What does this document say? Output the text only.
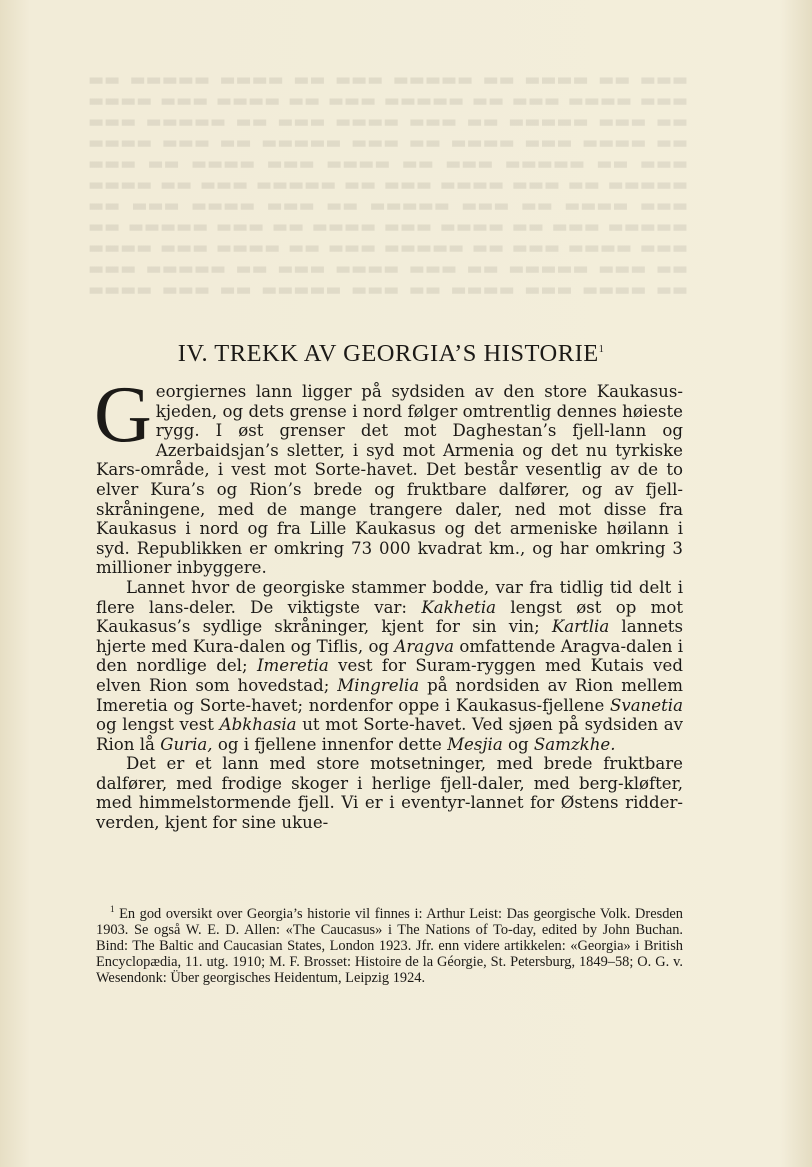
▬▬▬ ▬▬ ▬▬▬▬ ▬▬ ▬▬▬▬▬ ▬▬▬ ▬▬ ▬▬▬▬ ▬▬▬▬▬ ▬▬ ▬▬▬ ▬▬▬▬ ▬▬▬ ▬▬ ▬▬▬▬▬ ▬▬▬ ▬▬ ▬▬▬▬ ▬▬▬ ▬▬▬▬ ▬▬ ▬▬▬ ▬▬▬▬▬ ▬▬ ▬▬▬ ▬▬▬▬ ▬▬▬ ▬▬ ▬▬▬▬▬ ▬▬▬ ▬▬ ▬▬▬▬ ▬▬▬ ▬▬▬▬ ▬▬ ▬▬▬ ▬▬▬▬▬ ▬▬ ▬▬▬ ▬▬▬▬ ▬▬▬ ▬▬ ▬▬▬▬▬ ▬▬▬ ▬▬ ▬▬▬▬ ▬▬▬ ▬▬▬▬ ▬▬ ▬▬▬ ▬▬▬▬▬ ▬▬ ▬▬▬ ▬▬▬▬ ▬▬▬ ▬▬ ▬▬▬▬▬ ▬▬▬ ▬▬ ▬▬▬▬ ▬▬▬ ▬▬▬▬ ▬▬ ▬▬▬ ▬▬▬▬▬ ▬▬ ▬▬▬ ▬▬▬▬ ▬▬▬ ▬▬ ▬▬▬▬▬ ▬▬▬ ▬▬ ▬▬▬▬ ▬▬▬ ▬▬▬▬ ▬▬ ▬▬▬ ▬▬▬▬▬ ▬▬ ▬▬▬ ▬▬▬▬ ▬▬▬ ▬▬ ▬▬▬▬▬ ▬▬▬ ▬▬ ▬▬▬▬ ▬▬▬ ▬▬▬▬ ▬▬ ▬▬▬ ▬▬▬▬▬ ▬▬ ▬▬▬ ▬▬▬▬ ▬▬▬ ▬▬ ▬▬▬▬▬ ▬▬▬ ▬▬ ▬▬▬▬ ▬▬▬ ▬▬▬▬ ▬▬ ▬▬▬ ▬▬▬▬▬ ▬▬ ▬▬▬ ▬▬▬▬
IV. TREKK AV GEORGIA’S HISTORIE$^1$

Georgiernes lann ligger på sydsiden av den store Kaukasus-kjeden, og dets grense i nord følger omtrentlig dennes høieste rygg. I øst grenser det mot Daghestan’s fjell-lann og Azerbaidsjan’s sletter, i syd mot Armenia og det nu tyrkiske Kars-område, i vest mot Sorte-havet. Det består vesentlig av de to elver Kura’s og Rion’s brede og fruktbare dalfører, og av fjell-skråningene, med de mange trangere daler, ned mot disse fra Kaukasus i nord og fra Lille Kaukasus og det armeniske høilann i syd. Republikken er omkring 73 000 kvadrat km., og har omkring 3 millioner inbyggere.

Lannet hvor de georgiske stammer bodde, var fra tidlig tid delt i flere lans-deler. De viktigste var: Kakhetia lengst øst op mot Kaukasus’s sydlige skråninger, kjent for sin vin; Kartlia lannets hjerte med Kura-dalen og Tiflis, og Aragva omfattende Aragva-dalen i den nordlige del; Imeretia vest for Suram-ryggen med Kutais ved elven Rion som hovedstad; Mingrelia på nordsiden av Rion mellem Imeretia og Sorte-havet; nordenfor oppe i Kaukasus-fjellene Svanetia og lengst vest Abkhasia ut mot Sorte-havet. Ved sjøen på sydsiden av Rion lå Guria, og i fjellene innenfor dette Mesjia og Samzkhe.

Det er et lann med store motsetninger, med brede fruktbare dalfører, med frodige skoger i herlige fjell-daler, med berg-kløfter, med himmelstormende fjell. Vi er i eventyr-lannet for Østens ridder-verden, kjent for sine ukue-

$^1$ En god oversikt over Georgia’s historie vil finnes i: Arthur Leist: Das georgische Volk. Dresden 1903. Se også W. E. D. Allen: «The Caucasus» i The Nations of To-day, edited by John Buchan. Bind: The Baltic and Caucasian States, London 1923. Jfr. enn videre artikkelen: «Georgia» i British Encyclopædia, 11. utg. 1910; M. F. Brosset: Histoire de la Géorgie, St. Petersburg, 1849–58; O. G. v. Wesendonk: Über georgisches Heidentum, Leipzig 1924.
